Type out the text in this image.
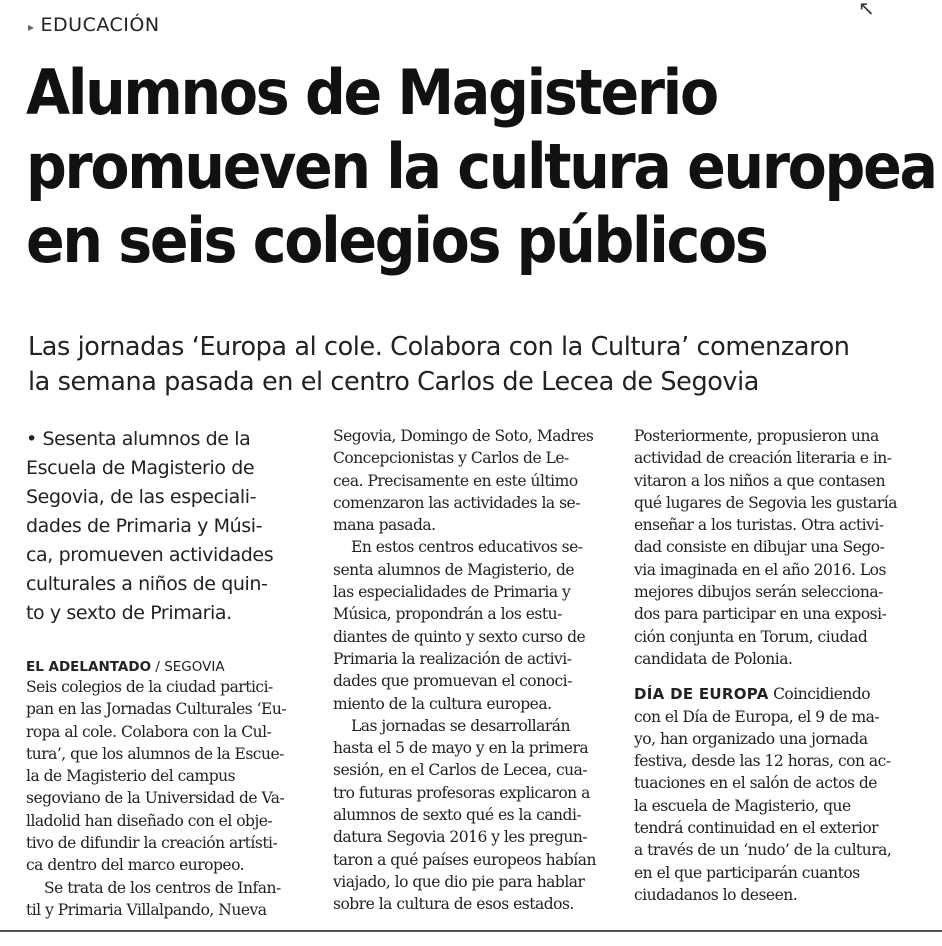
▸ EDUCACIÓN
↖
Alumnos de Magisterio
promueven la cultura europea
en seis colegios públicos
Las jornadas ‘Europa al cole. Colabora con la Cultura’ comenzaron
la semana pasada en el centro Carlos de Lecea de Segovia
• Sesenta alumnos de la
Escuela de Magisterio de
Segovia, de las especiali-
dades de Primaria y Músi-
ca, promueven actividades
culturales a niños de quin-
to y sexto de Primaria.
EL ADELANTADO / SEGOVIA
Seis colegios de la ciudad partici-
pan en las Jornadas Culturales ‘Eu-
ropa al cole. Colabora con la Cul-
tura’, que los alumnos de la Escue-
la de Magisterio del campus
segoviano de la Universidad de Va-
lladolid han diseñado con el obje-
tivo de difundir la creación artísti-
ca dentro del marco europeo.
Se trata de los centros de Infan-
til y Primaria Villalpando, Nueva
Segovia, Domingo de Soto, Madres
Concepcionistas y Carlos de Le-
cea. Precisamente en este último
comenzaron las actividades la se-
mana pasada.
En estos centros educativos se-
senta alumnos de Magisterio, de
las especialidades de Primaria y
Música, propondrán a los estu-
diantes de quinto y sexto curso de
Primaria la realización de activi-
dades que promuevan el conoci-
miento de la cultura europea.
Las jornadas se desarrollarán
hasta el 5 de mayo y en la primera
sesión, en el Carlos de Lecea, cua-
tro futuras profesoras explicaron a
alumnos de sexto qué es la candi-
datura Segovia 2016 y les pregun-
taron a qué países europeos habían
viajado, lo que dio pie para hablar
sobre la cultura de esos estados.
Posteriormente, propusieron una
actividad de creación literaria e in-
vitaron a los niños a que contasen
qué lugares de Segovia les gustaría
enseñar a los turistas. Otra activi-
dad consiste en dibujar una Sego-
via imaginada en el año 2016. Los
mejores dibujos serán selecciona-
dos para participar en una exposi-
ción conjunta en Torum, ciudad
candidata de Polonia.
DÍA DE EUROPA Coincidiendo
con el Día de Europa, el 9 de ma-
yo, han organizado una jornada
festiva, desde las 12 horas, con ac-
tuaciones en el salón de actos de
la escuela de Magisterio, que
tendrá continuidad en el exterior
a través de un ‘nudo’ de la cultura,
en el que participarán cuantos
ciudadanos lo deseen.
